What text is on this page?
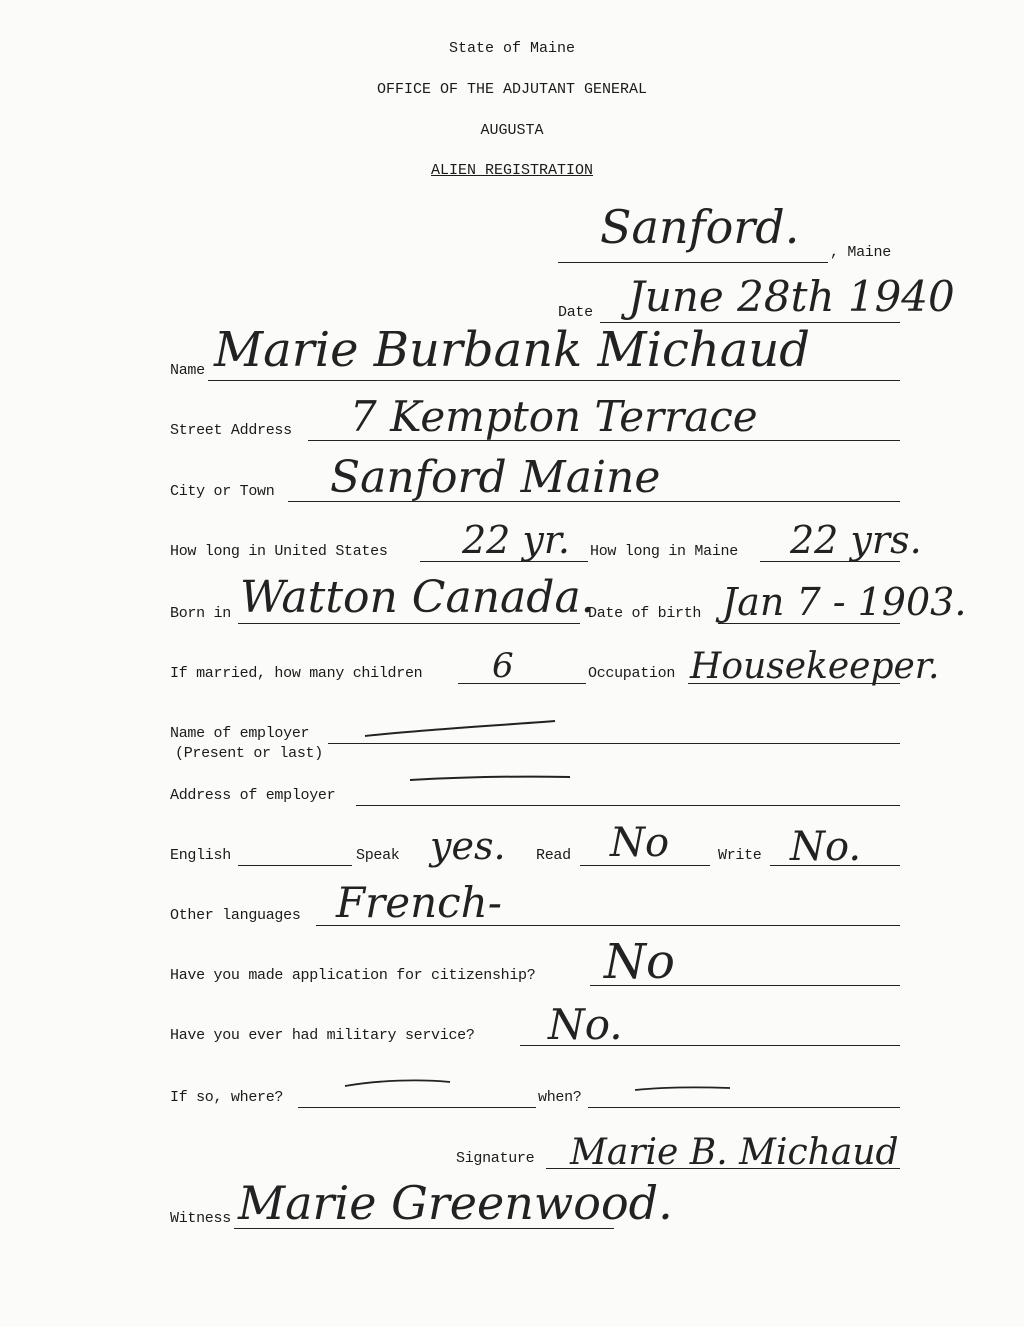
State of Maine
OFFICE OF THE ADJUTANT GENERAL
AUGUSTA
ALIEN REGISTRATION
Sanford. , Maine
Date June 28th 1940
Name Marie Burbank Michaud
Street Address 7 Kempton Terrace
City or Town Sanford Maine
How long in United States 22 yr. How long in Maine 22 yrs.
Born in Watton Canada.
Date of birth Jan 7 - 1903.
If married, how many children 6	Occupation Housekeeper.
Name of employer
(Present or last)
Address of employer
English	Speak yes. Read No	Write No.
Other languages French-
Have you made application for citizenship? No
Have you ever had military service? No.
If so, where?	when?
Signature Marie B. Michaud
Witness Marie Greenwood.
